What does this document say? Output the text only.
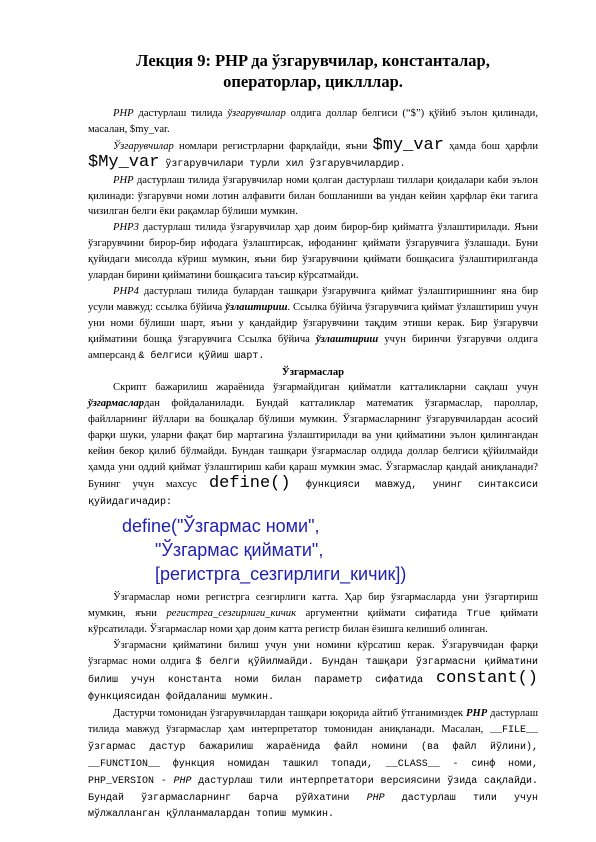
Лекция 9: PHP да ўзгарувчилар, константалар, операторлар, циклллар.

PHP дастурлаш тилида ўзгарувчилар олдига доллар белгиси (“$”) қўйиб эълон қилинади, масалан, $my_var.

Ўзгарувчилар номлари регистрларни фарқлайди, яъни $my_var ҳамда бош ҳарфли $My_var ўзгарувчилари турли хил ўзгарувчилардир.

PHP дастурлаш тилида ўзгарувчилар номи қолган дастурлаш тиллари қоидалари каби эълон қилинади: ўзгарувчи номи лотин алфавити билан бошланиши ва ундан кейин ҳарфлар ёки тагига чизилган белги ёки рақамлар бўлиши мумкин.

PHP3 дастурлаш тилида ўзгарувчилар ҳар доим бирор-бир қийматга ўзлаштирилади. Яъни ўзгарувчини бирор-бир ифодага ўзлаштирсак, ифоданинг қиймати ўзгарувчига ўзлашади. Буни қуйидаги мисолда кўриш мумкин, яъни бир ўзгарувчини қиймати бошқасига ўзлаштирилганда улардан бирини қийматини бошқасига таъсир кўрсатмайди.

PHP4 дастурлаш тилида булардан ташқари ўзгарувчига қиймат ўзлаштиришнинг яна бир усули мавжуд: ссылка бўйича ўзлаштириш. Ссылка бўйича ўзгарувчига қиймат ўзлаштириш учун уни номи бўлиши шарт, яъни у қандайдир ўзгарувчини тақдим этиши керак. Бир ўзгарувчи қийматини бошқа ўзгарувчига Ссылка бўйича ўзлаштириш учун биринчи ўзгарувчи олдига амперсанд & белгиси қўйиш шарт.

Ўзгармаслар

Скрипт бажарилиш жараёнида ўзгармайдиган қийматли катталикларни сақлаш учун ўзгармаслардан фойдаланилади. Бундай катталиклар математик ўзгармаслар, пароллар, файлларнинг йўллари ва бошқалар бўлиши мумкин. Ўзгармасларнинг ўзгарувчилардан асосий фарқи шуки, уларни фақат бир мартагина ўзлаштирилади ва уни қийматини эълон қилингандан кейин бекор қилиб бўлмайди. Бундан ташқари ўзгармаслар олдида доллар белгиси қўйилмайди ҳамда уни оддий қиймат ўзлаштириш каби қараш мумкин эмас. Ўзгармаслар қандай аниқланади? Бунинг учун махсус define() функцияси мавжуд, унинг синтаксиси қуйидагичадир:

define("Ўзгармас номи",
"Ўзгармас қиймати",
[регистрга_сезгирлиги_кичик])

Ўзгармаслар номи регистрга сезгирлиги катта. Ҳар бир ўзгармасларда уни ўзгартириш мумкин, яъни регистрга_сезгирлиги_кичик аргументни қиймати сифатида True қиймати кўрсатилади. Ўзгармаслар номи ҳар доим катта регистр билан ёзишга келишиб олинган.

Ўзгармасни қийматини билиш учун уни номини кўрсатиш керак. Ўзгарувчидан фарқи ўзгармас номи олдига $ белги қўйилмайди. Бундан ташқари ўзгармасни қийматини билиш учун константа номи билан параметр сифатида constant() функциясидан фойдаланиш мумкин.

Дастурчи томонидан ўзгарувчилардан ташқари юқорида айтиб ўтганимиздек PHP дастурлаш тилида мавжуд ўзгармаслар ҳам интерпретатор томонидан аниқланади. Масалан, __FILE__ ўзгармас дастур бажарилиш жараёнида файл номини (ва файл йўлини), __FUNCTION__ функция номидан ташкил топади, __CLASS__ - синф номи, PHP_VERSION - PHP дастурлаш тили интерпретатори версиясини ўзида сақлайди. Бундай ўзгармасларнинг барча рўйхатини PHP дастурлаш тили учун мўлжалланган қўлланмалардан топиш мумкин.
